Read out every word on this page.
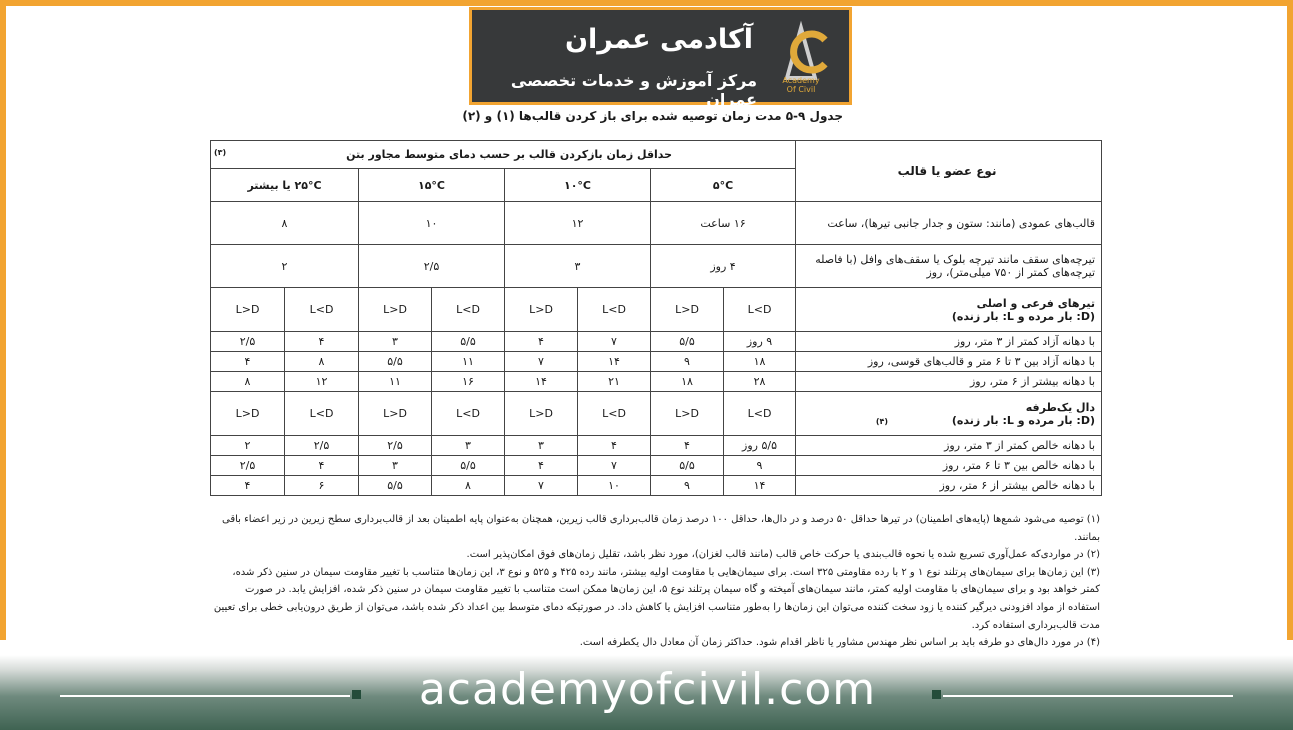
آکادمی عمران
مرکز آموزش و خدمات تخصصی عمران
Academy
Of Civil
جدول ۹-۵ مدت زمان توصیه شده برای باز کردن قالب‌ها (۱) و (۲)
نوع عضو یا قالب	حداقل زمان بازکردن قالب بر حسب دمای متوسط مجاور بتن
(۳)							

	۵°C		۱۰°C		۱۵°C		۲۵°C یا بیشتر	
قالب‌های عمودی (مانند: ستون و جدار جانبی تیرها)، ساعت	۱۶ ساعت		۱۲		۱۰		۸	
تیرچه‌های سقف مانند تیرچه بلوک یا سقف‌های وافل (با فاصله تیرچه‌های کمتر از ۷۵۰ میلی‌متر)، روز	۴ روز		۳		۲/۵		۲	

تیرهای فرعی و اصلی
(D: بار مرده و L: بار زنده)	L<D	L>D	L<D	L>D	L<D	L>D	L<D	L>D
با دهانه آزاد کمتر از ۳ متر، روز	۹ روز	۵/۵	۷	۴	۵/۵	۳	۴	۲/۵
با دهانه آزاد بین ۳ تا ۶ متر و قالب‌های قوسی، روز	۱۸	۹	۱۴	۷	۱۱	۵/۵	۸	۴
با دهانه بیشتر از ۶ متر، روز	۲۸	۱۸	۲۱	۱۴	۱۶	۱۱	۱۲	۸

دال یک‌طرفه
(D: بار مرده و L: بار زنده) (۴)	L<D	L>D	L<D	L>D	L<D	L>D	L<D	L>D
با دهانه خالص کمتر از ۳ متر، روز	۵/۵ روز	۴	۴	۳	۳	۲/۵	۲/۵	۲
با دهانه خالص بین ۳ تا ۶ متر، روز	۹	۵/۵	۷	۴	۵/۵	۳	۴	۲/۵
با دهانه خالص بیشتر از ۶ متر، روز	۱۴	۹	۱۰	۷	۸	۵/۵	۶	۴

(۱) توصیه می‌شود شمع‌ها (پایه‌های اطمینان) در تیرها حداقل ۵۰ درصد و در دال‌ها، حداقل ۱۰۰ درصد زمان قالب‌برداری قالب زیرین، همچنان به‌عنوان پایه اطمینان بعد از قالب‌برداری سطح زیرین در زیر اعضاء باقی بمانند.

(۲) در مواردی‌که عمل‌آوری تسریع شده یا نحوه قالب‌بندی یا حرکت خاص قالب (مانند قالب لغزان)، مورد نظر باشد، تقلیل زمان‌های فوق امکان‌پذیر است.

(۳) این زمان‌ها برای سیمان‌های پرتلند نوع ۱ و ۲ با رده مقاومتی ۳۲۵ است. برای سیمان‌هایی با مقاومت اولیه بیشتر، مانند رده ۴۲۵ و ۵۲۵ و نوع ۳، این زمان‌ها متناسب با تغییر مقاومت سیمان در سنین ذکر شده، کمتر خواهد بود و برای سیمان‌های با مقاومت اولیه کمتر، مانند سیمان‌های آمیخته و گاه سیمان پرتلند نوع ۵، این زمان‌ها ممکن است متناسب با تغییر مقاومت سیمان در سنین ذکر شده، افزایش یابد. در صورت استفاده از مواد افزودنی دیرگیر کننده یا زود سخت کننده می‌توان این زمان‌ها را به‌طور متناسب افزایش یا کاهش داد. در صورتیکه دمای متوسط بین اعداد ذکر شده باشد، می‌توان از طریق درون‌یابی خطی برای تعیین مدت قالب‌برداری استفاده کرد.

(۴) در مورد دال‌های دو طرفه باید بر اساس نظر مهندس مشاور یا ناظر اقدام شود. حداکثر زمان آن معادل دال یکطرفه است.

academyofcivil.com
